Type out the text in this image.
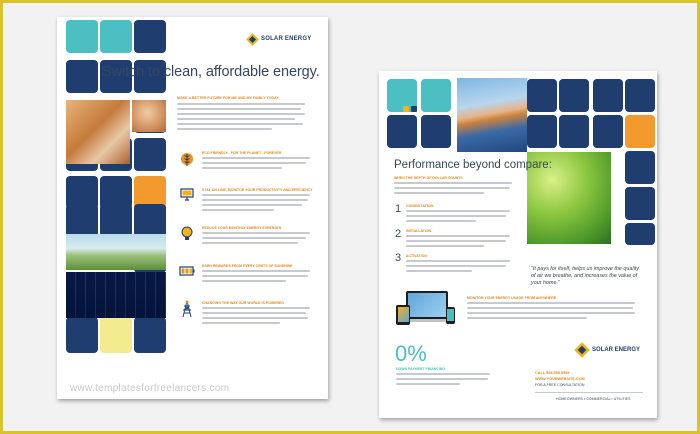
SOLAR ENERGY
Switch to clean, affordable energy.
MAKE A BETTER FUTURE FOR ME AND MY FAMILY TODAY
ECO FRIENDLY - FOR THE PLANET - FOREVER
STAY ON LINE, MONITOR YOUR PRODUCTIVITY AND EFFICIENCY
REDUCE YOUR MONTHLY ENERGY EXPENSES
EARN REWARDS FROM EVERY CENTS OF SUNSHINE
CHANGING THE WAY OUR WORLD IS POWERED
Performance beyond compare:
WHEN THE DEPTH OF DOLLAR COUNTS
1 CONSULTATION
2 INSTALLATION
3 ACTIVATION
"It pays for itself, helps us improve the quality of air we breathe, and increases the value of your home."
MONITOR YOUR ENERGY USAGE FROM ANYWHERE
0%
DOWN PAYMENT FINANCING
SOLAR ENERGY
CALL 555.555.5555
WWW.YOURWEBSITE.COM
FOR A FREE CONSULTATION
HOMEOWNERS • COMMERCIAL • UTILITIES
www.templatesforfreelancers.com
